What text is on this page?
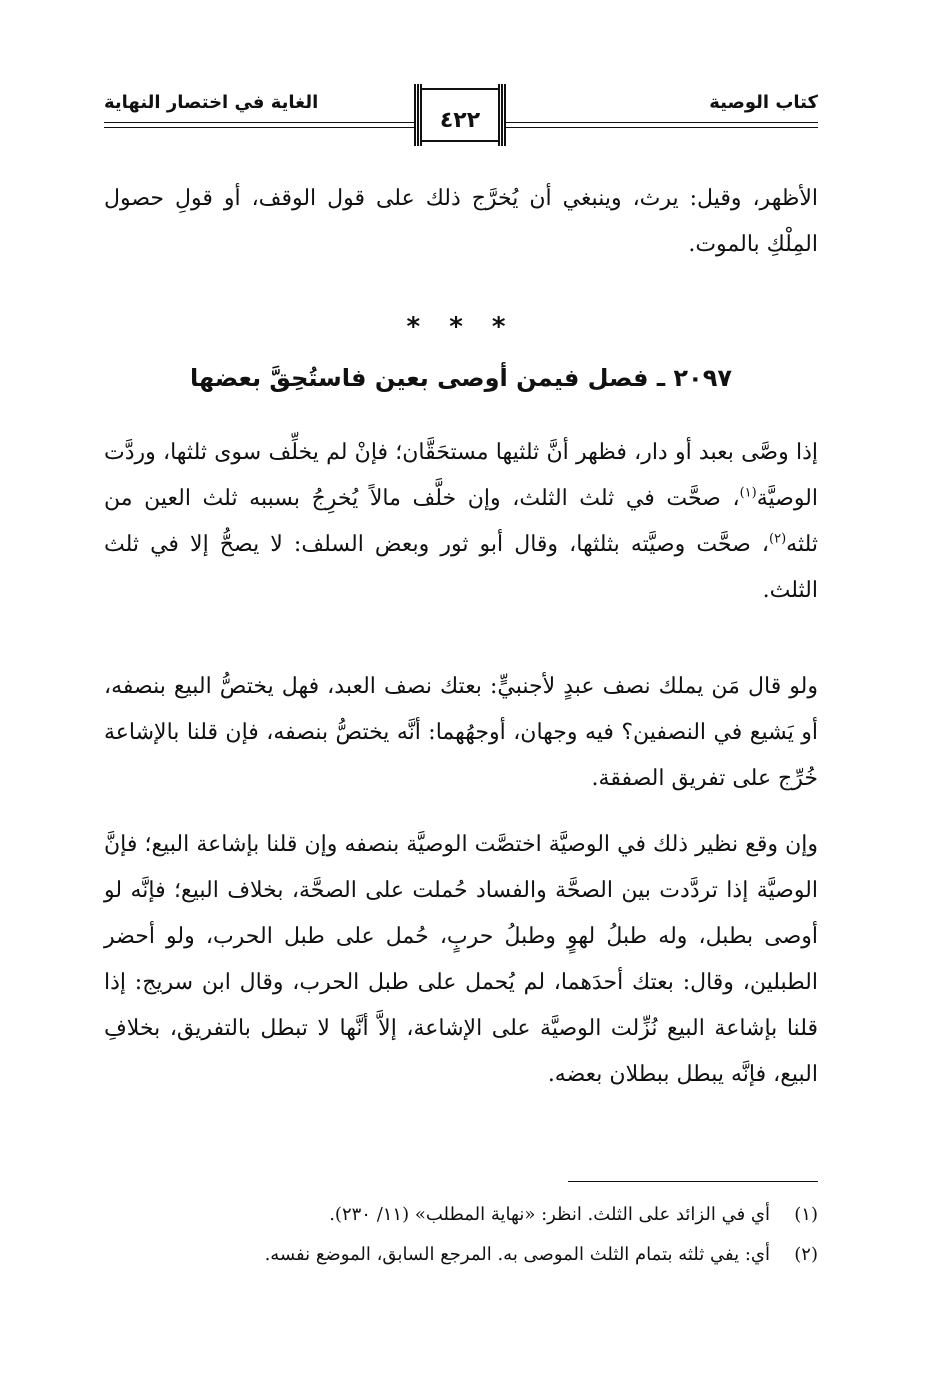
كتاب الوصية
٤٢٢
الغاية في اختصار النهاية
الأظهر، وقيل: يرث، وينبغي أن يُخرَّج ذلك على قول الوقف، أو قولِ حصول المِلْكِ بالموت.
* * *
٢٠٩٧ ـ فصل فيمن أوصى بعين فاستُحِقَّ بعضها
إذا وصَّى بعبد أو دار، فظهر أنَّ ثلثيها مستحَقَّان؛ فإنْ لم يخلِّف سوى ثلثها، وردَّت الوصيَّة$^{(١)}$، صحَّت في ثلث الثلث، وإن خلَّف مالاً يُخرِجُ بسببه ثلث العين من ثلثه$^{(٢)}$، صحَّت وصيَّته بثلثها، وقال أبو ثور وبعض السلف: لا يصحُّ إلا في ثلث الثلث.
ولو قال مَن يملك نصف عبدٍ لأجنبيٍّ: بعتك نصف العبد، فهل يختصُّ البيع بنصفه، أو يَشيع في النصفين؟ فيه وجهان، أوجهُهما: أنَّه يختصُّ بنصفه، فإن قلنا بالإشاعة خُرِّج على تفريق الصفقة.
وإن وقع نظير ذلك في الوصيَّة اختصَّت الوصيَّة بنصفه وإن قلنا بإشاعة البيع؛ فإنَّ الوصيَّة إذا تردَّدت بين الصحَّة والفساد حُملت على الصحَّة، بخلاف البيع؛ فإنَّه لو أوصى بطبل، وله طبلُ لهوٍ وطبلُ حربٍ، حُمل على طبل الحرب، ولو أحضر الطبلين، وقال: بعتك أحدَهما، لم يُحمل على طبل الحرب، وقال ابن سريج: إذا قلنا بإشاعة البيع نُزِّلت الوصيَّة على الإشاعة، إلاَّ أنَّها لا تبطل بالتفريق، بخلافِ البيع، فإنَّه يبطل ببطلان بعضه.
(١)أي في الزائد على الثلث. انظر: «نهاية المطلب» (١١/ ٢٣٠).
(٢)أي: يفي ثلثه بتمام الثلث الموصى به. المرجع السابق، الموضع نفسه.
